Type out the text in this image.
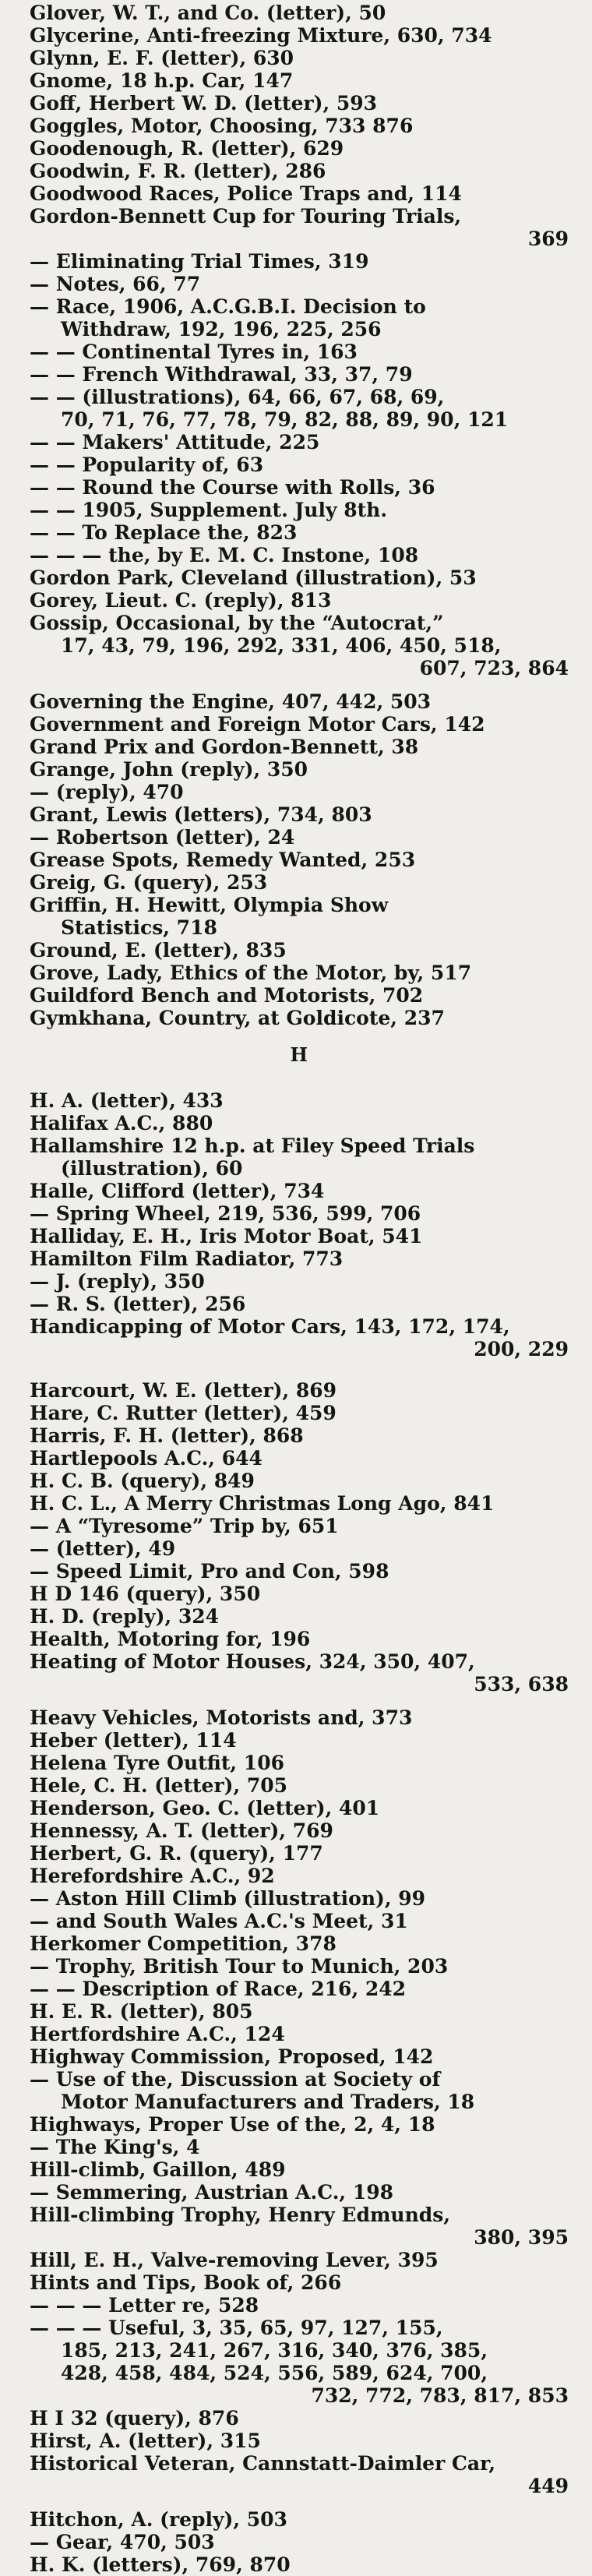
Glover, W. T., and Co. (letter), 50
Glycerine, Anti-freezing Mixture, 630, 734
Glynn, E. F. (letter), 630
Gnome, 18 h.p. Car, 147
Goff, Herbert W. D. (letter), 593
Goggles, Motor, Choosing, 733 876
Goodenough, R. (letter), 629
Goodwin, F. R. (letter), 286
Goodwood Races, Police Traps and, 114
Gordon-Bennett Cup for Touring Trials,
369
— Eliminating Trial Times, 319
— Notes, 66, 77
— Race, 1906, A.C.G.B.I. Decision to
Withdraw, 192, 196, 225, 256
— — Continental Tyres in, 163
— — French Withdrawal, 33, 37, 79
— — (illustrations), 64, 66, 67, 68, 69,
70, 71, 76, 77, 78, 79, 82, 88, 89, 90, 121
— — Makers' Attitude, 225
— — Popularity of, 63
— — Round the Course with Rolls, 36
— — 1905, Supplement. July 8th.
— — To Replace the, 823
— — — the, by E. M. C. Instone, 108
Gordon Park, Cleveland (illustration), 53
Gorey, Lieut. C. (reply), 813
Gossip, Occasional, by the “Autocrat,”
17, 43, 79, 196, 292, 331, 406, 450, 518,
607, 723, 864
Governing the Engine, 407, 442, 503
Government and Foreign Motor Cars, 142
Grand Prix and Gordon-Bennett, 38
Grange, John (reply), 350
— (reply), 470
Grant, Lewis (letters), 734, 803
— Robertson (letter), 24
Grease Spots, Remedy Wanted, 253
Greig, G. (query), 253
Griffin, H. Hewitt, Olympia Show
Statistics, 718
Ground, E. (letter), 835
Grove, Lady, Ethics of the Motor, by, 517
Guildford Bench and Motorists, 702
Gymkhana, Country, at Goldicote, 237
H
H. A. (letter), 433
Halifax A.C., 880
Hallamshire 12 h.p. at Filey Speed Trials
(illustration), 60
Halle, Clifford (letter), 734
— Spring Wheel, 219, 536, 599, 706
Halliday, E. H., Iris Motor Boat, 541
Hamilton Film Radiator, 773
— J. (reply), 350
— R. S. (letter), 256
Handicapping of Motor Cars, 143, 172, 174,
200, 229
Harcourt, W. E. (letter), 869
Hare, C. Rutter (letter), 459
Harris, F. H. (letter), 868
Hartlepools A.C., 644
H. C. B. (query), 849
H. C. L., A Merry Christmas Long Ago, 841
— A “Tyresome” Trip by, 651
— (letter), 49
— Speed Limit, Pro and Con, 598
H D 146 (query), 350
H. D. (reply), 324
Health, Motoring for, 196
Heating of Motor Houses, 324, 350, 407,
533, 638
Heavy Vehicles, Motorists and, 373
Heber (letter), 114
Helena Tyre Outfit, 106
Hele, C. H. (letter), 705
Henderson, Geo. C. (letter), 401
Hennessy, A. T. (letter), 769
Herbert, G. R. (query), 177
Herefordshire A.C., 92
— Aston Hill Climb (illustration), 99
— and South Wales A.C.'s Meet, 31
Herkomer Competition, 378
— Trophy, British Tour to Munich, 203
— — Description of Race, 216, 242
H. E. R. (letter), 805
Hertfordshire A.C., 124
Highway Commission, Proposed, 142
— Use of the, Discussion at Society of
Motor Manufacturers and Traders, 18
Highways, Proper Use of the, 2, 4, 18
— The King's, 4
Hill-climb, Gaillon, 489
— Semmering, Austrian A.C., 198
Hill-climbing Trophy, Henry Edmunds,
380, 395
Hill, E. H., Valve-removing Lever, 395
Hints and Tips, Book of, 266
— — — Letter re, 528
— — — Useful, 3, 35, 65, 97, 127, 155,
185, 213, 241, 267, 316, 340, 376, 385,
428, 458, 484, 524, 556, 589, 624, 700,
732, 772, 783, 817, 853
H I 32 (query), 876
Hirst, A. (letter), 315
Historical Veteran, Cannstatt-Daimler Car,
449
Hitchon, A. (reply), 503
— Gear, 470, 503
H. K. (letters), 769, 870
